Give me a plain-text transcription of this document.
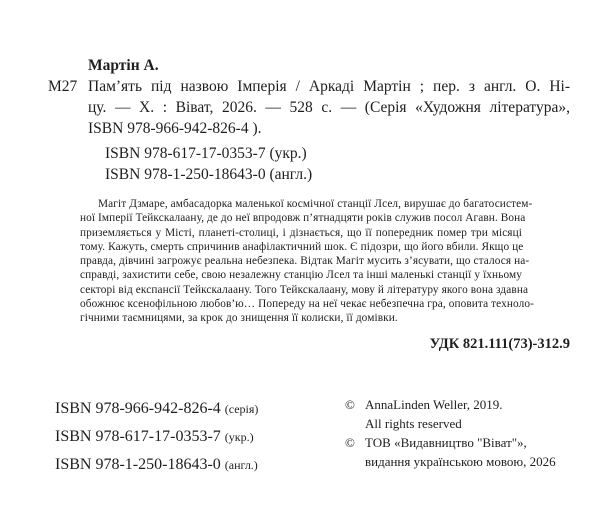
Мартін А.
М27 Пам’ять під назвою Імперія / Аркаді Мартін ; пер. з англ. О. Ні-
цу. — Х. : Віват, 2026. — 528 с. — (Серія «Художня література»,
ISBN 978-966-942-826-4 ).
ISBN 978-617-17-0353-7 (укр.)
ISBN 978-1-250-18643-0 (англ.)
Магіт Дзмаре, амбасадорка маленької космічної станції Лсел, вирушає до багатосистем-
ної Імперії Тейкскалаану, де до неї впродовж п’ятнадцяти років служив посол Агавн. Вона
приземляється у Місті, планеті-столиці, і дізнається, що її попередник помер три місяці
тому. Кажуть, смерть спричинив анафілактичний шок. Є підозри, що його вбили. Якщо це
правда, дівчині загрожує реальна небезпека. Відтак Магіт мусить з’ясувати, що сталося на-
справді, захистити себе, свою незалежну станцію Лсел та інші маленькі станції у їхньому
секторі від експансії Тейкскалаану. Того Тейкскалаану, мову й літературу якого вона здавна
обожнює ксенофільною любов’ю… Попереду на неї чекає небезпечна гра, оповита техноло-
гічними таємницями, за крок до знищення її колиски, її домівки.
УДК 821.111(73)-312.9
ISBN 978-966-942-826-4 (серія)
ISBN 978-617-17-0353-7 (укр.)
ISBN 978-1-250-18643-0 (англ.)
© AnnaLinden Weller, 2019.
All rights reserved
© ТОВ «Видавництво "Віват"», видання українською мовою, 2026
